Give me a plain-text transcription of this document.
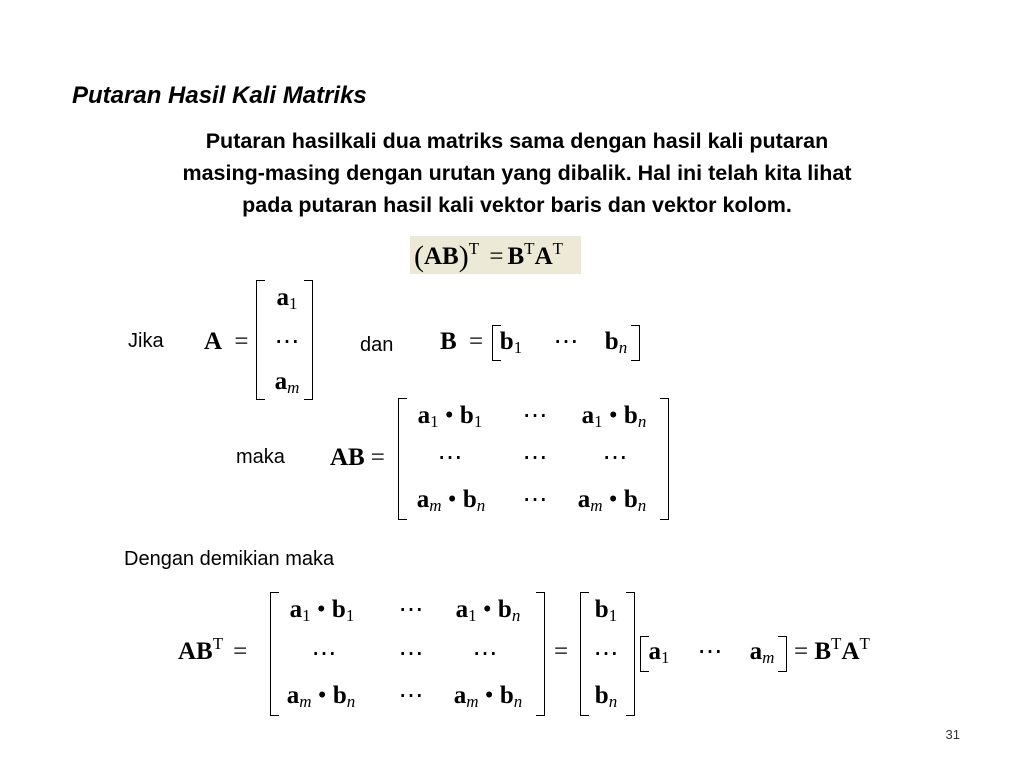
Putaran Hasil Kali Matriks
Putaran hasilkali dua matriks sama dengan hasil kali putaran
masing-masing dengan urutan yang dibalik. Hal ini telah kita lihat
pada putaran hasil kali vektor baris dan vektor kolom.
$(AB)^T = B^TA^T$
Jika A =
$a_1$
⋯
$a_m$
dan $B = b_1$	⋯	$b_n$
maka AB =
$a_1$ • $b_1$	⋯	$a_1$ • $b_n$
⋯	⋯	⋯
$a_m$ • $b_n$	⋯	$a_m$ • $b_n$
Dengan demikian maka
$AB^T$ =
$a_1$ • $b_1$	⋯	$a_1$ • $b_n$
⋯	⋯	⋯
$a_m$ • $b_n$	⋯	$a_m$ • $b_n$
=
$b_1$
⋯
$b_n$
$a_1$	⋯	$a_m = B^TA^T$
31
